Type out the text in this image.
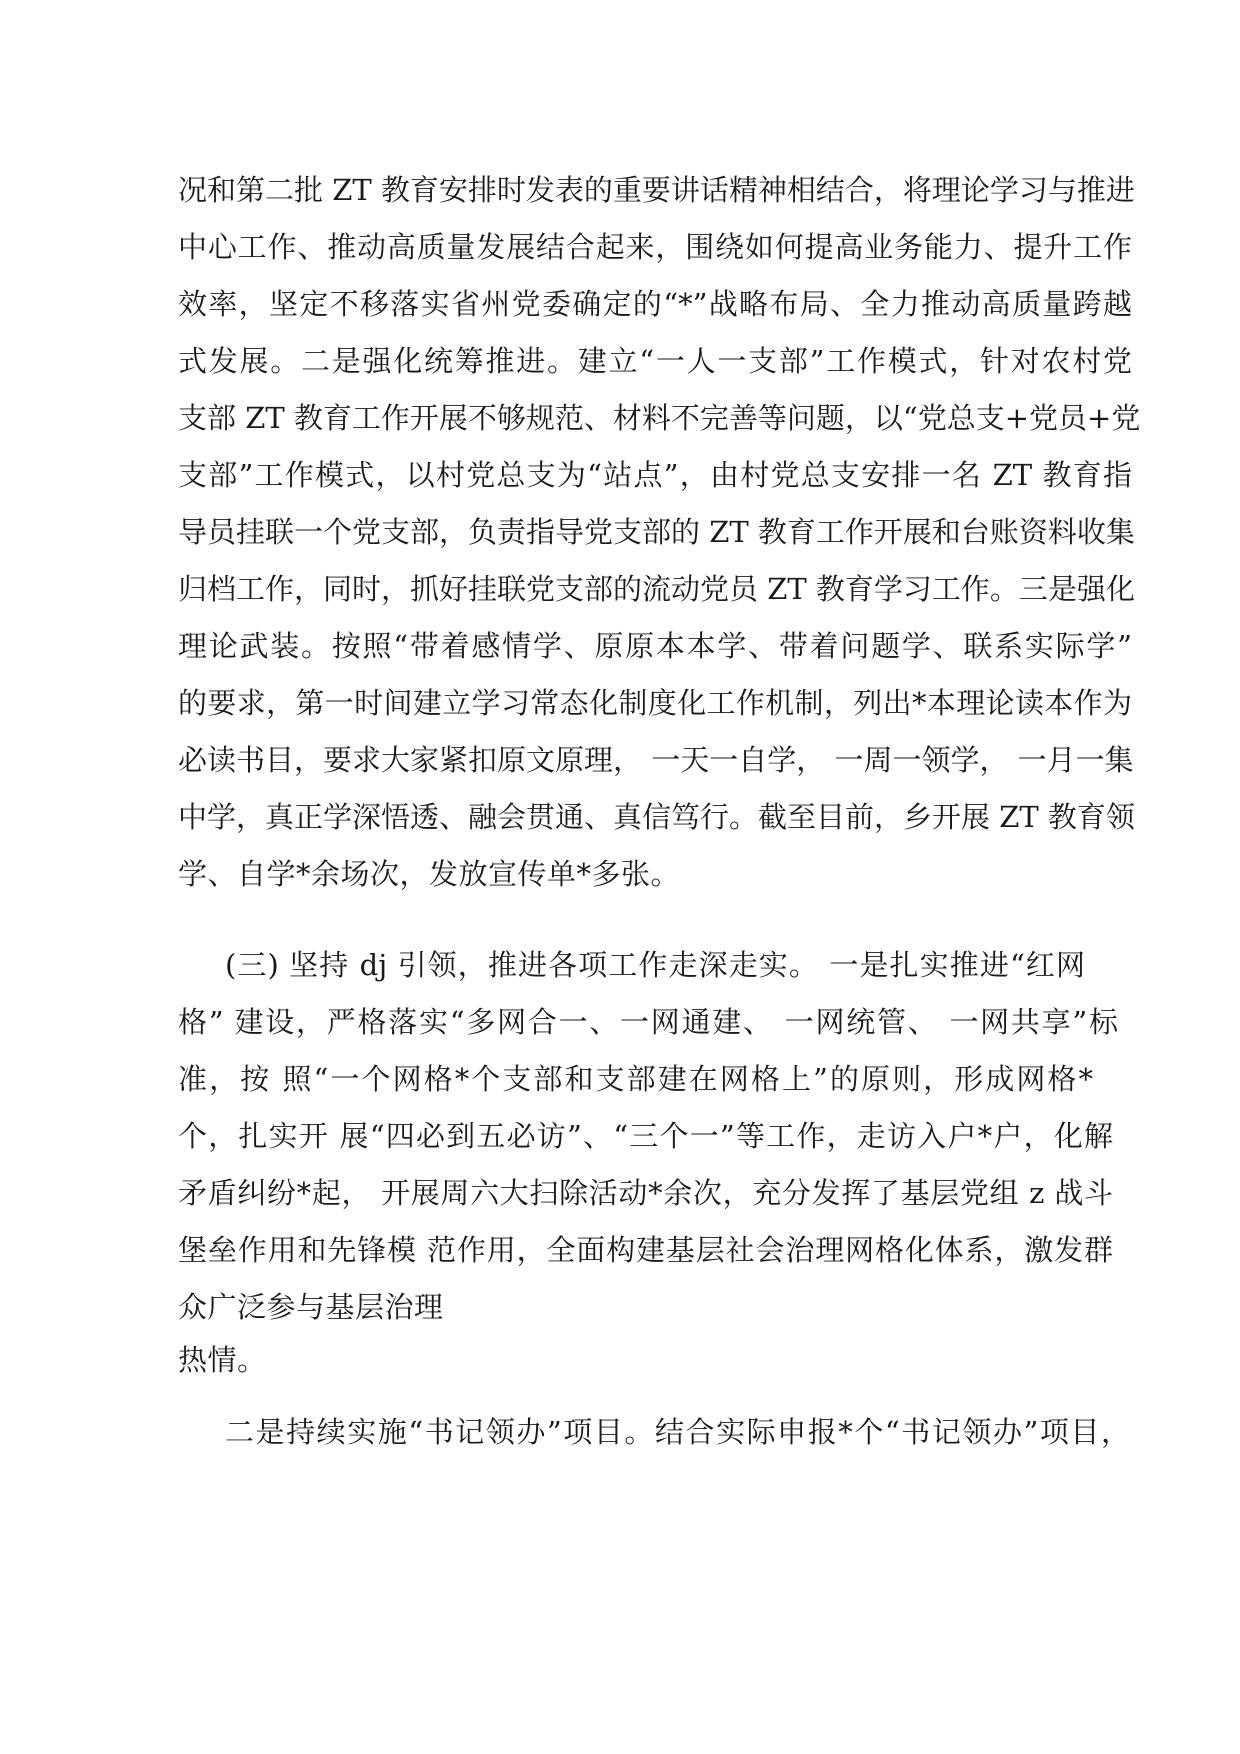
况和第二批 ZT 教育安排时发表的重要讲话精神相结合，将理论学习与推进
中心工作、推动高质量发展结合起来，围绕如何提高业务能力、提升工作
效率，坚定不移落实省州党委确定的“*”战略布局、全力推动高质量跨越
式发展。二是强化统筹推进。建立“一人一支部”工作模式，针对农村党
支部 ZT 教育工作开展不够规范、材料不完善等问题，以“党总支+党员+党
支部”工作模式，以村党总支为“站点”，由村党总支安排一名 ZT 教育指
导员挂联一个党支部，负责指导党支部的 ZT 教育工作开展和台账资料收集
归档工作，同时，抓好挂联党支部的流动党员 ZT 教育学习工作。三是强化
理论武装。按照“带着感情学、原原本本学、带着问题学、联系实际学”
的要求，第一时间建立学习常态化制度化工作机制，列出*本理论读本作为
必读书目，要求大家紧扣原文原理， 一天一自学， 一周一领学， 一月一集
中学，真正学深悟透、融会贯通、真信笃行。截至目前，乡开展 ZT 教育领
学、自学*余场次，发放宣传单*多张。
(三) 坚持 dj 引领，推进各项工作走深走实。 一是扎实推进“红网
格” 建设，严格落实“多网合一、一网通建、 一网统管、 一网共享”标
准，按 照“一个网格*个支部和支部建在网格上”的原则，形成网格*
个，扎实开 展“四必到五必访”、“三个一”等工作，走访入户*户，化解
矛盾纠纷*起， 开展周六大扫除活动*余次，充分发挥了基层党组 z 战斗
堡垒作用和先锋模 范作用，全面构建基层社会治理网格化体系，激发群
众广泛参与基层治理
热情。
二是持续实施“书记领办”项目。结合实际申报*个“书记领办”项目，
